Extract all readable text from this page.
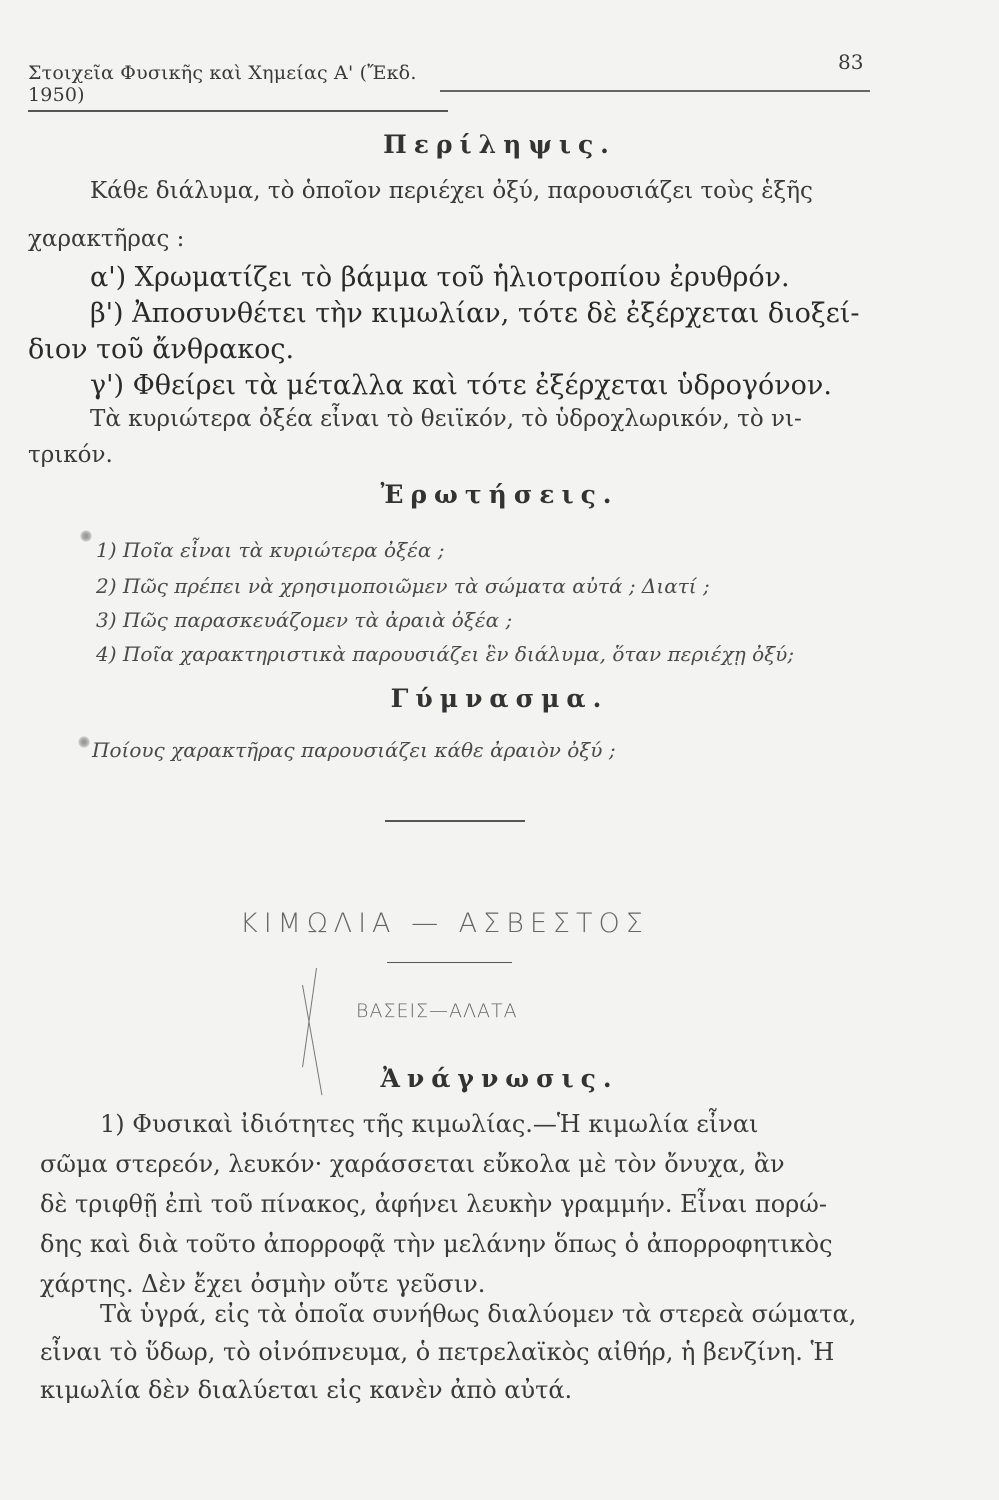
Στοιχεῖα Φυσικῆς καὶ Χημείας Α' (Ἔκδ. 1950)
83
Περίληψις.
Κάθε διάλυμα, τὸ ὁποῖον περιέχει ὀξύ, παρουσιάζει τοὺς ἑξῆς
χαρακτῆρας :
α') Χρωματίζει τὸ βάμμα τοῦ ἡλιοτροπίου ἐρυθρόν.
β') Ἀποσυνθέτει τὴν κιμωλίαν, τότε δὲ ἐξέρχεται διοξεί-
διον τοῦ ἄνθρακος.
γ') Φθείρει τὰ μέταλλα καὶ τότε ἐξέρχεται ὑδρογόνον.
Τὰ κυριώτερα ὀξέα εἶναι τὸ θειϊκόν, τὸ ὑδροχλωρικόν, τὸ νι-
τρικόν.
Ἐρωτήσεις.
1) Ποῖα εἶναι τὰ κυριώτερα ὀξέα ;
2) Πῶς πρέπει νὰ χρησιμοποιῶμεν τὰ σώματα αὐτά ; Διατί ;
3) Πῶς παρασκευάζομεν τὰ ἀραιὰ ὀξέα ;
4) Ποῖα χαρακτηριστικὰ παρουσιάζει ἓν διάλυμα, ὅταν περιέχῃ ὀξύ;
Γύμνασμα.
Ποίους χαρακτῆρας παρουσιάζει κάθε ἀραιὸν ὀξύ ;
ΚΙΜΩΛΙΑ — ΑΣΒΕΣΤΟΣ
ΒΑΣΕΙΣ—ΑΛΑΤΑ
Ἀνάγνωσις.
1) Φυσικαὶ ἰδιότητες τῆς κιμωλίας.—Ἡ κιμωλία εἶναι
σῶμα στερεόν, λευκόν· χαράσσεται εὔκολα μὲ τὸν ὄνυχα, ἂν
δὲ τριφθῇ ἐπὶ τοῦ πίνακος, ἀφήνει λευκὴν γραμμήν. Εἶναι πορώ-
δης καὶ διὰ τοῦτο ἀπορροφᾷ τὴν μελάνην ὅπως ὁ ἀπορροφητικὸς
χάρτης. Δὲν ἔχει ὀσμὴν οὔτε γεῦσιν.
Τὰ ὑγρά, εἰς τὰ ὁποῖα συνήθως διαλύομεν τὰ στερεὰ σώματα,
εἶναι τὸ ὕδωρ, τὸ οἰνόπνευμα, ὁ πετρελαϊκὸς αἰθήρ, ἡ βενζίνη. Ἡ
κιμωλία δὲν διαλύεται εἰς κανὲν ἀπὸ αὐτά.
